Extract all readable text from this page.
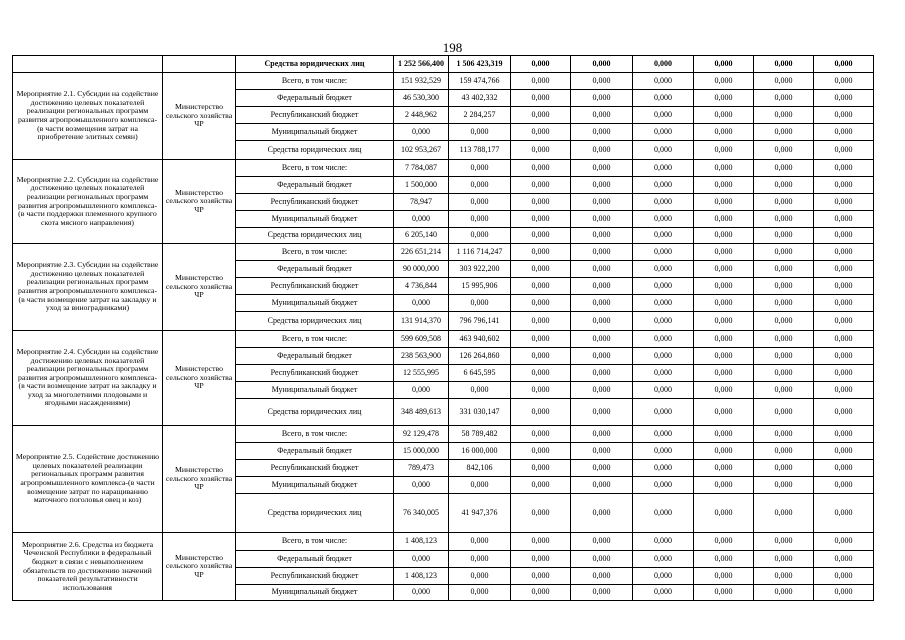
198
		Средства юридических лиц	1 252 566,400	1 506 423,319	0,000	0,000	0,000	0,000	0,000	0,000
Мероприятие 2.1. Субсидии на содействие достижению целевых показателей реализации региональных программ развития агропромышленного комплекса-(в части возмещения затрат на приобретение элитных семян)	Министерство сельского хозяйства ЧР	Всего, в том числе:	151 932,529	159 474,766	0,000	0,000	0,000	0,000	0,000	0,000
		Федеральный бюджет	46 530,300	43 402,332	0,000	0,000	0,000	0,000	0,000	0,000
		Республиканский бюджет	2 448,962	2 284,257	0,000	0,000	0,000	0,000	0,000	0,000
		Муниципальный бюджет	0,000	0,000	0,000	0,000	0,000	0,000	0,000	0,000
		Средства юридических лиц	102 953,267	113 788,177	0,000	0,000	0,000	0,000	0,000	0,000
Мероприятие 2.2. Субсидии на содействие достижению целевых показателей реализации региональных программ развития агропромышленного комплекса-(в части поддержки племенного крупного скота мясного направления)	Министерство сельского хозяйства ЧР	Всего, в том числе:	7 784,087	0,000	0,000	0,000	0,000	0,000	0,000	0,000
		Федеральный бюджет	1 500,000	0,000	0,000	0,000	0,000	0,000	0,000	0,000
		Республиканский бюджет	78,947	0,000	0,000	0,000	0,000	0,000	0,000	0,000
		Муниципальный бюджет	0,000	0,000	0,000	0,000	0,000	0,000	0,000	0,000
		Средства юридических лиц	6 205,140	0,000	0,000	0,000	0,000	0,000	0,000	0,000
Мероприятие 2.3. Субсидии на содействие достижению целевых показателей реализации региональных программ развития агропромышленного комплекса-(в части возмещение затрат на закладку и уход за виноградниками)	Министерство сельского хозяйства ЧР	Всего, в том числе:	226 651,214	1 116 714,247	0,000	0,000	0,000	0,000	0,000	0,000
		Федеральный бюджет	90 000,000	303 922,200	0,000	0,000	0,000	0,000	0,000	0,000
		Республиканский бюджет	4 736,844	15 995,906	0,000	0,000	0,000	0,000	0,000	0,000
		Муниципальный бюджет	0,000	0,000	0,000	0,000	0,000	0,000	0,000	0,000
		Средства юридических лиц	131 914,370	796 796,141	0,000	0,000	0,000	0,000	0,000	0,000
Мероприятие 2.4. Субсидии на содействие достижению целевых показателей реализации региональных программ развития агропромышленного комплекса-(в части возмещение затрат на закладку и уход за многолетними плодовыми и ягодными насаждениями)	Министерство сельского хозяйства ЧР	Всего, в том числе:	599 609,508	463 940,602	0,000	0,000	0,000	0,000	0,000	0,000
		Федеральный бюджет	238 563,900	126 264,860	0,000	0,000	0,000	0,000	0,000	0,000
		Республиканский бюджет	12 555,995	6 645,595	0,000	0,000	0,000	0,000	0,000	0,000
		Муниципальный бюджет	0,000	0,000	0,000	0,000	0,000	0,000	0,000	0,000
		Средства юридических лиц	348 489,613	331 030,147	0,000	0,000	0,000	0,000	0,000	0,000
Мероприятие 2.5. Содействие достижению целевых показателей реализации региональных программ развития агропромышленного комплекса-(в части возмещение затрат по наращиванию маточного поголовья овец и коз)	Министерство сельского хозяйства ЧР	Всего, в том числе:	92 129,478	58 789,482	0,000	0,000	0,000	0,000	0,000	0,000
		Федеральный бюджет	15 000,000	16 000,000	0,000	0,000	0,000	0,000	0,000	0,000
		Республиканский бюджет	789,473	842,106	0,000	0,000	0,000	0,000	0,000	0,000
		Муниципальный бюджет	0,000	0,000	0,000	0,000	0,000	0,000	0,000	0,000
		Средства юридических лиц	76 340,005	41 947,376	0,000	0,000	0,000	0,000	0,000	0,000
Мероприятие 2.6. Средства из бюджета Чеченской Республики в федеральный бюджет в связи с невыполнением обязательств по достижению значений показателей результативности использования	Министерство сельского хозяйства ЧР	Всего, в том числе:	1 408,123	0,000	0,000	0,000	0,000	0,000	0,000	0,000
		Федеральный бюджет	0,000	0,000	0,000	0,000	0,000	0,000	0,000	0,000
		Республиканский бюджет	1 408,123	0,000	0,000	0,000	0,000	0,000	0,000	0,000
		Муниципальный бюджет	0,000	0,000	0,000	0,000	0,000	0,000	0,000	0,000
